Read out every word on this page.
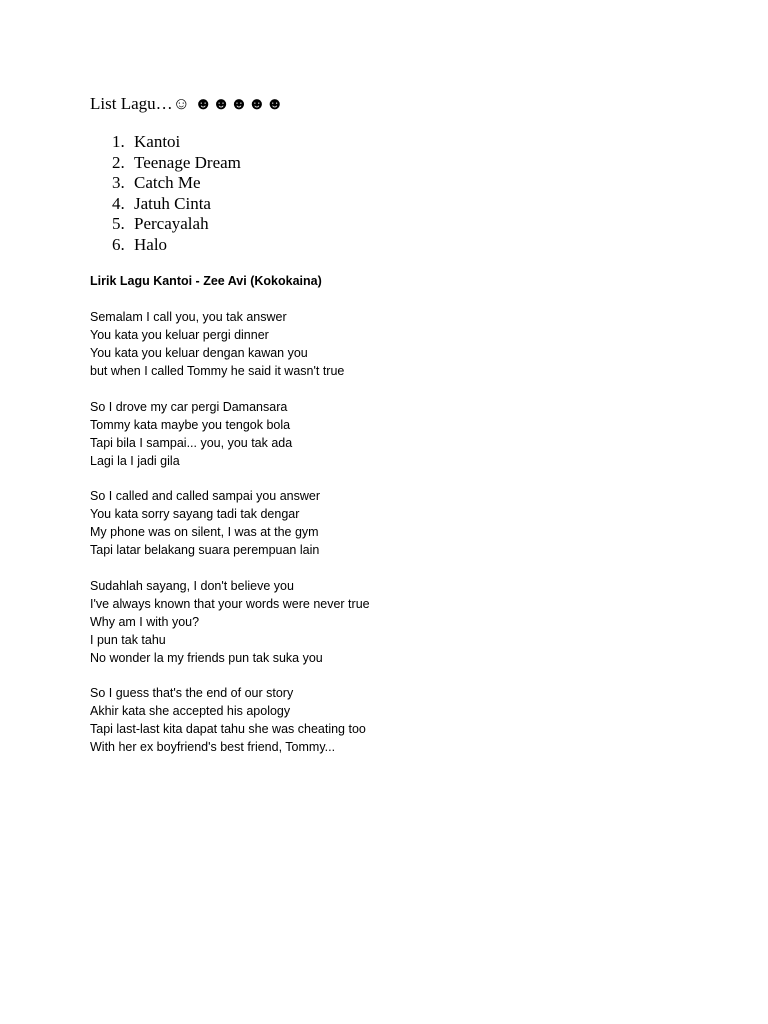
List Lagu…☺ ☻☻☻☻☻
1. Kantoi
2. Teenage Dream
3. Catch Me
4. Jatuh Cinta
5. Percayalah
6. Halo
Lirik Lagu Kantoi - Zee Avi (Kokokaina)
Semalam I call you, you tak answer
You kata you keluar pergi dinner
You kata you keluar dengan kawan you
but when I called Tommy he said it wasn't true
So I drove my car pergi Damansara
Tommy kata maybe you tengok bola
Tapi bila I sampai... you, you tak ada
Lagi la I jadi gila
So I called and called sampai you answer
You kata sorry sayang tadi tak dengar
My phone was on silent, I was at the gym
Tapi latar belakang suara perempuan lain
Sudahlah sayang, I don't believe you
I've always known that your words were never true
Why am I with you?
I pun tak tahu
No wonder la my friends pun tak suka you
So I guess that's the end of our story
Akhir kata she accepted his apology
Tapi last-last kita dapat tahu she was cheating too
With her ex boyfriend's best friend, Tommy...
